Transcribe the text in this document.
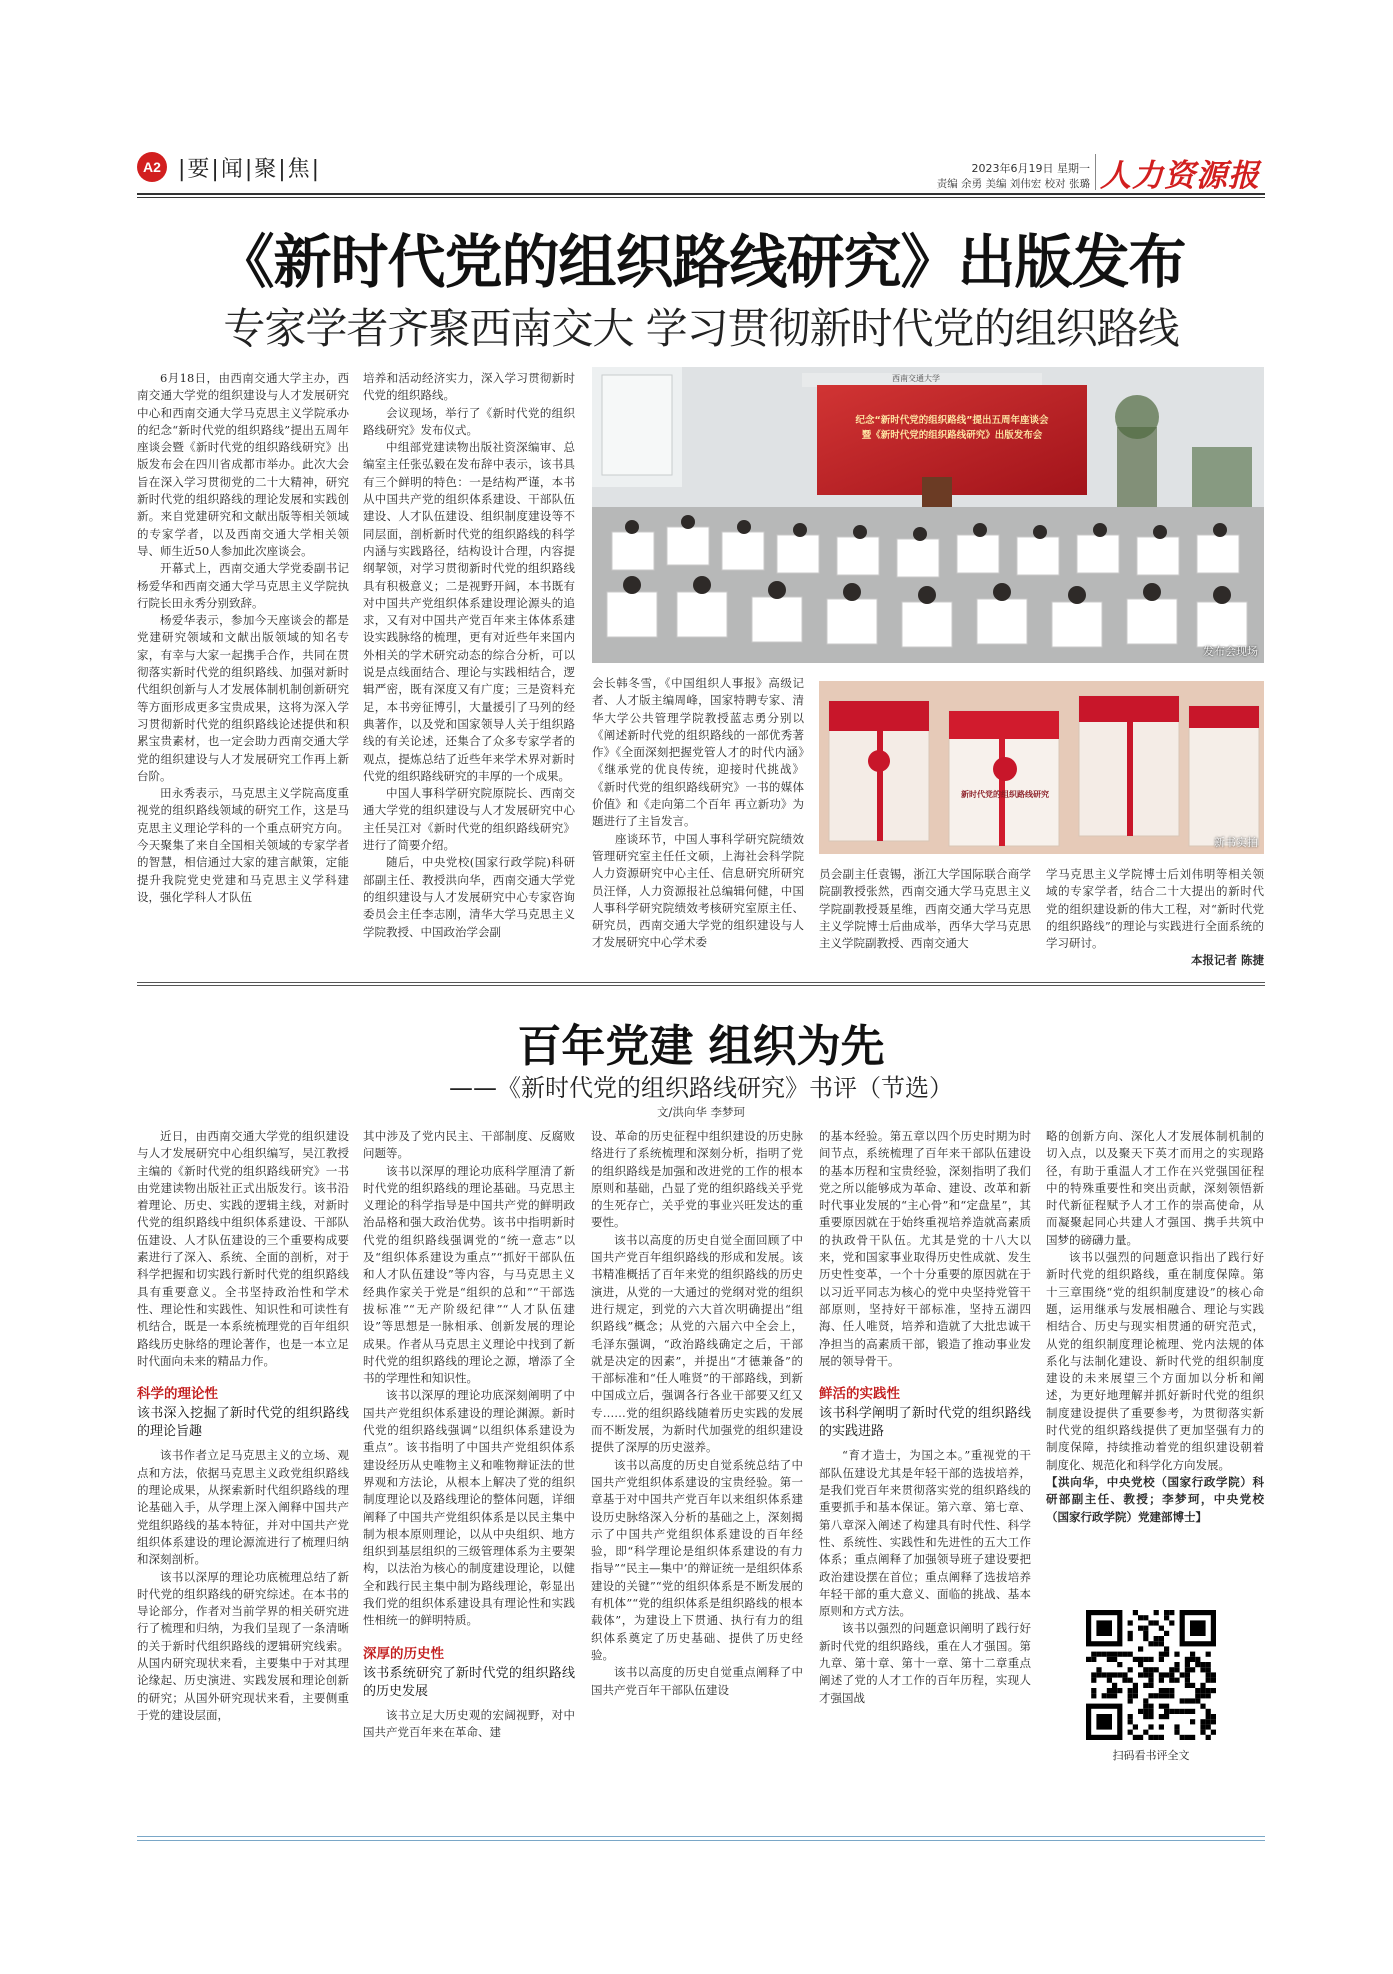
A2 |要|闻|聚|焦|	2023年6月19日 星期一
责编 余勇 美编 刘伟宏 校对 张璐 人力资源报
《新时代党的组织路线研究》出版发布
专家学者齐聚西南交大 学习贯彻新时代党的组织路线

6月18日，由西南交通大学主办，西南交通大学党的组织建设与人才发展研究中心和西南交通大学马克思主义学院承办的纪念“新时代党的组织路线”提出五周年座谈会暨《新时代党的组织路线研究》出版发布会在四川省成都市举办。此次大会旨在深入学习贯彻党的二十大精神，研究新时代党的组织路线的理论发展和实践创新。来自党建研究和文献出版等相关领域的专家学者，以及西南交通大学相关领导、师生近50人参加此次座谈会。

开幕式上，西南交通大学党委副书记杨爱华和西南交通大学马克思主义学院执行院长田永秀分别致辞。

杨爱华表示，参加今天座谈会的都是党建研究领域和文献出版领域的知名专家，有幸与大家一起携手合作，共同在贯彻落实新时代党的组织路线、加强对新时代组织创新与人才发展体制机制创新研究等方面形成更多宝贵成果，这将为深入学习贯彻新时代党的组织路线论述提供和积累宝贵素材，也一定会助力西南交通大学党的组织建设与人才发展研究工作再上新台阶。

田永秀表示，马克思主义学院高度重视党的组织路线领域的研究工作，这是马克思主义理论学科的一个重点研究方向。今天聚集了来自全国相关领域的专家学者的智慧，相信通过大家的建言献策，定能提升我院党史党建和马克思主义学科建设，强化学科人才队伍

培养和活动经济实力，深入学习贯彻新时代党的组织路线。

会议现场，举行了《新时代党的组织路线研究》发布仪式。

中组部党建读物出版社资深编审、总编室主任张弘毅在发布辞中表示，该书具有三个鲜明的特色：一是结构严谨，本书从中国共产党的组织体系建设、干部队伍建设、人才队伍建设、组织制度建设等不同层面，剖析新时代党的组织路线的科学内涵与实践路径，结构设计合理，内容提纲挈领，对学习贯彻新时代党的组织路线具有积极意义；二是视野开阔，本书既有对中国共产党组织体系建设理论源头的追求，又有对中国共产党百年来主体体系建设实践脉络的梳理，更有对近些年来国内外相关的学术研究动态的综合分析，可以说是点线面结合、理论与实践相结合，逻辑严密，既有深度又有广度；三是资料充足，本书旁征博引，大量援引了马列的经典著作，以及党和国家领导人关于组织路线的有关论述，还集合了众多专家学者的观点，提炼总结了近些年来学术界对新时代党的组织路线研究的丰厚的一个成果。

中国人事科学研究院原院长、西南交通大学党的组织建设与人才发展研究中心主任吴江对《新时代党的组织路线研究》进行了简要介绍。

随后，中央党校(国家行政学院)科研部副主任、教授洪向华，西南交通大学党的组织建设与人才发展研究中心专家咨询委员会主任李志刚，清华大学马克思主义学院教授、中国政治学会副

西南交通大学
纪念“新时代党的组织路线”提出五周年座谈会
暨《新时代党的组织路线研究》出版发布会
发布会现场

会长韩冬雪，《中国组织人事报》高级记者、人才版主编周峰，国家特聘专家、清华大学公共管理学院教授蓝志勇分别以《阐述新时代党的组织路线的一部优秀著作》《全面深刻把握党管人才的时代内涵》《继承党的优良传统，迎接时代挑战》《新时代党的组织路线研究》一书的媒体价值》和《走向第二个百年 再立新功》为题进行了主旨发言。

座谈环节，中国人事科学研究院绩效管理研究室主任任文硕，上海社会科学院人力资源研究中心主任、信息研究所研究员汪怿，人力资源报社总编辑何健，中国人事科学研究院绩效考核研究室原主任、研究员，西南交通大学党的组织建设与人才发展研究中心学术委

新时代党的组织路线研究
新书实拍

员会副主任袁锡，浙江大学国际联合商学院副教授张然，西南交通大学马克思主义学院副教授聂星维，西南交通大学马克思主义学院博士后曲成举，西华大学马克思主义学院副教授、西南交通大

学马克思主义学院博士后刘伟明等相关领域的专家学者，结合二十大提出的新时代党的组织建设新的伟大工程，对“新时代党的组织路线”的理论与实践进行全面系统的学习研讨。

本报记者 陈捷
百年党建 组织为先
——《新时代党的组织路线研究》书评（节选）
文/洪向华 李梦珂

近日，由西南交通大学党的组织建设与人才发展研究中心组织编写，吴江教授主编的《新时代党的组织路线研究》一书由党建读物出版社正式出版发行。该书沿着理论、历史、实践的逻辑主线，对新时代党的组织路线中组织体系建设、干部队伍建设、人才队伍建设的三个重要构成要素进行了深入、系统、全面的剖析，对于科学把握和切实践行新时代党的组织路线具有重要意义。全书坚持政治性和学术性、理论性和实践性、知识性和可读性有机结合，既是一本系统梳理党的百年组织路线历史脉络的理论著作，也是一本立足时代面向未来的精品力作。

科学的理论性
该书深入挖掘了新时代党的组织路线的理论旨趣

该书作者立足马克思主义的立场、观点和方法，依据马克思主义政党组织路线的理论成果，从探索新时代组织路线的理论基础入手，从学理上深入阐释中国共产党组织路线的基本特征，并对中国共产党组织体系建设的理论源流进行了梳理归纳和深刻剖析。

该书以深厚的理论功底梳理总结了新时代党的组织路线的研究综述。在本书的导论部分，作者对当前学界的相关研究进行了梳理和归纳，为我们呈现了一条清晰的关于新时代组织路线的逻辑研究线索。从国内研究现状来看，主要集中于对其理论缘起、历史演进、实践发展和理论创新的研究；从国外研究现状来看，主要侧重于党的建设层面，

其中涉及了党内民主、干部制度、反腐败问题等。

该书以深厚的理论功底科学厘清了新时代党的组织路线的理论基础。马克思主义理论的科学指导是中国共产党的鲜明政治品格和强大政治优势。该书中指明新时代党的组织路线强调党的“统一意志”以及“组织体系建设为重点”“抓好干部队伍和人才队伍建设”等内容，与马克思主义经典作家关于党是“组织的总和”“干部选拔标准”“无产阶级纪律”“人才队伍建设”等思想是一脉相承、创新发展的理论成果。作者从马克思主义理论中找到了新时代党的组织路线的理论之源，增添了全书的学理性和知识性。

该书以深厚的理论功底深刻阐明了中国共产党组织体系建设的理论渊源。新时代党的组织路线强调“以组织体系建设为重点”。该书指明了中国共产党组织体系建设经历从史唯物主义和唯物辩证法的世界观和方法论，从根本上解决了党的组织制度理论以及路线理论的整体问题，详细阐释了中国共产党组织体系是以民主集中制为根本原则理论，以从中央组织、地方组织到基层组织的三级管理体系为主要架构，以法治为核心的制度建设理论，以健全和践行民主集中制为路线理论，彰显出我们党的组织体系建设具有理论性和实践性相统一的鲜明特质。

深厚的历史性
该书系统研究了新时代党的组织路线的历史发展

该书立足大历史观的宏阔视野，对中国共产党百年来在革命、建

设、革命的历史征程中组织建设的历史脉络进行了系统梳理和深刻分析，指明了党的组织路线是加强和改进党的工作的根本原则和基础，凸显了党的组织路线关乎党的生死存亡，关乎党的事业兴旺发达的重要性。

该书以高度的历史自觉全面回顾了中国共产党百年组织路线的形成和发展。该书精准概括了百年来党的组织路线的历史演进，从党的一大通过的党纲对党的组织进行规定，到党的六大首次明确提出“组织路线”概念；从党的六届六中全会上，毛泽东强调，“政治路线确定之后，干部就是决定的因素”，并提出“才德兼备”的干部标准和“任人唯贤”的干部路线，到新中国成立后，强调各行各业干部要又红又专……党的组织路线随着历史实践的发展而不断发展，为新时代加强党的组织建设提供了深厚的历史滋养。

该书以高度的历史自觉系统总结了中国共产党组织体系建设的宝贵经验。第一章基于对中国共产党百年以来组织体系建设历史脉络深入分析的基础之上，深刻揭示了中国共产党组织体系建设的百年经验，即“科学理论是组织体系建设的有力指导”“民主—集中’的辩证统一是组织体系建设的关键”“党的组织体系是不断发展的有机体”“党的组织体系是组织路线的根本载体”，为建设上下贯通、执行有力的组织体系奠定了历史基础、提供了历史经验。

该书以高度的历史自觉重点阐释了中国共产党百年干部队伍建设

的基本经验。第五章以四个历史时期为时间节点，系统梳理了百年来干部队伍建设的基本历程和宝贵经验，深刻指明了我们党之所以能够成为革命、建设、改革和新时代事业发展的“主心骨”和“定盘星”，其重要原因就在于始终重视培养造就高素质的执政骨干队伍。尤其是党的十八大以来，党和国家事业取得历史性成就、发生历史性变革，一个十分重要的原因就在于以习近平同志为核心的党中央坚持党管干部原则，坚持好干部标准，坚持五湖四海、任人唯贤，培养和造就了大批忠诚干净担当的高素质干部，锻造了推动事业发展的领导骨干。

鲜活的实践性
该书科学阐明了新时代党的组织路线的实践进路

“育才造士，为国之本。”重视党的干部队伍建设尤其是年轻干部的选拔培养，是我们党百年来贯彻落实党的组织路线的重要抓手和基本保证。第六章、第七章、第八章深入阐述了构建具有时代性、科学性、系统性、实践性和先进性的五大工作体系；重点阐释了加强领导班子建设要把政治建设摆在首位；重点阐释了选拔培养年轻干部的重大意义、面临的挑战、基本原则和方式方法。

该书以强烈的问题意识阐明了践行好新时代党的组织路线，重在人才强国。第九章、第十章、第十一章、第十二章重点阐述了党的人才工作的百年历程，实现人才强国战

略的创新方向、深化人才发展体制机制的切入点，以及聚天下英才而用之的实现路径，有助于重温人才工作在兴党强国征程中的特殊重要性和突出贡献，深刻领悟新时代新征程赋予人才工作的崇高使命，从而凝聚起同心共建人才强国、携手共筑中国梦的磅礴力量。

该书以强烈的问题意识指出了践行好新时代党的组织路线，重在制度保障。第十三章围绕“党的组织制度建设”的核心命题，运用继承与发展相融合、理论与实践相结合、历史与现实相贯通的研究范式，从党的组织制度理论梳理、党内法规的体系化与法制化建设、新时代党的组织制度建设的未来展望三个方面加以分析和阐述，为更好地理解并抓好新时代党的组织制度建设提供了重要参考，为贯彻落实新时代党的组织路线提供了更加坚强有力的制度保障，持续推动着党的组织建设朝着制度化、规范化和科学化方向发展。

【洪向华，中央党校（国家行政学院）科研部副主任、教授；李梦珂，中央党校（国家行政学院）党建部博士】

扫码看书评全文
